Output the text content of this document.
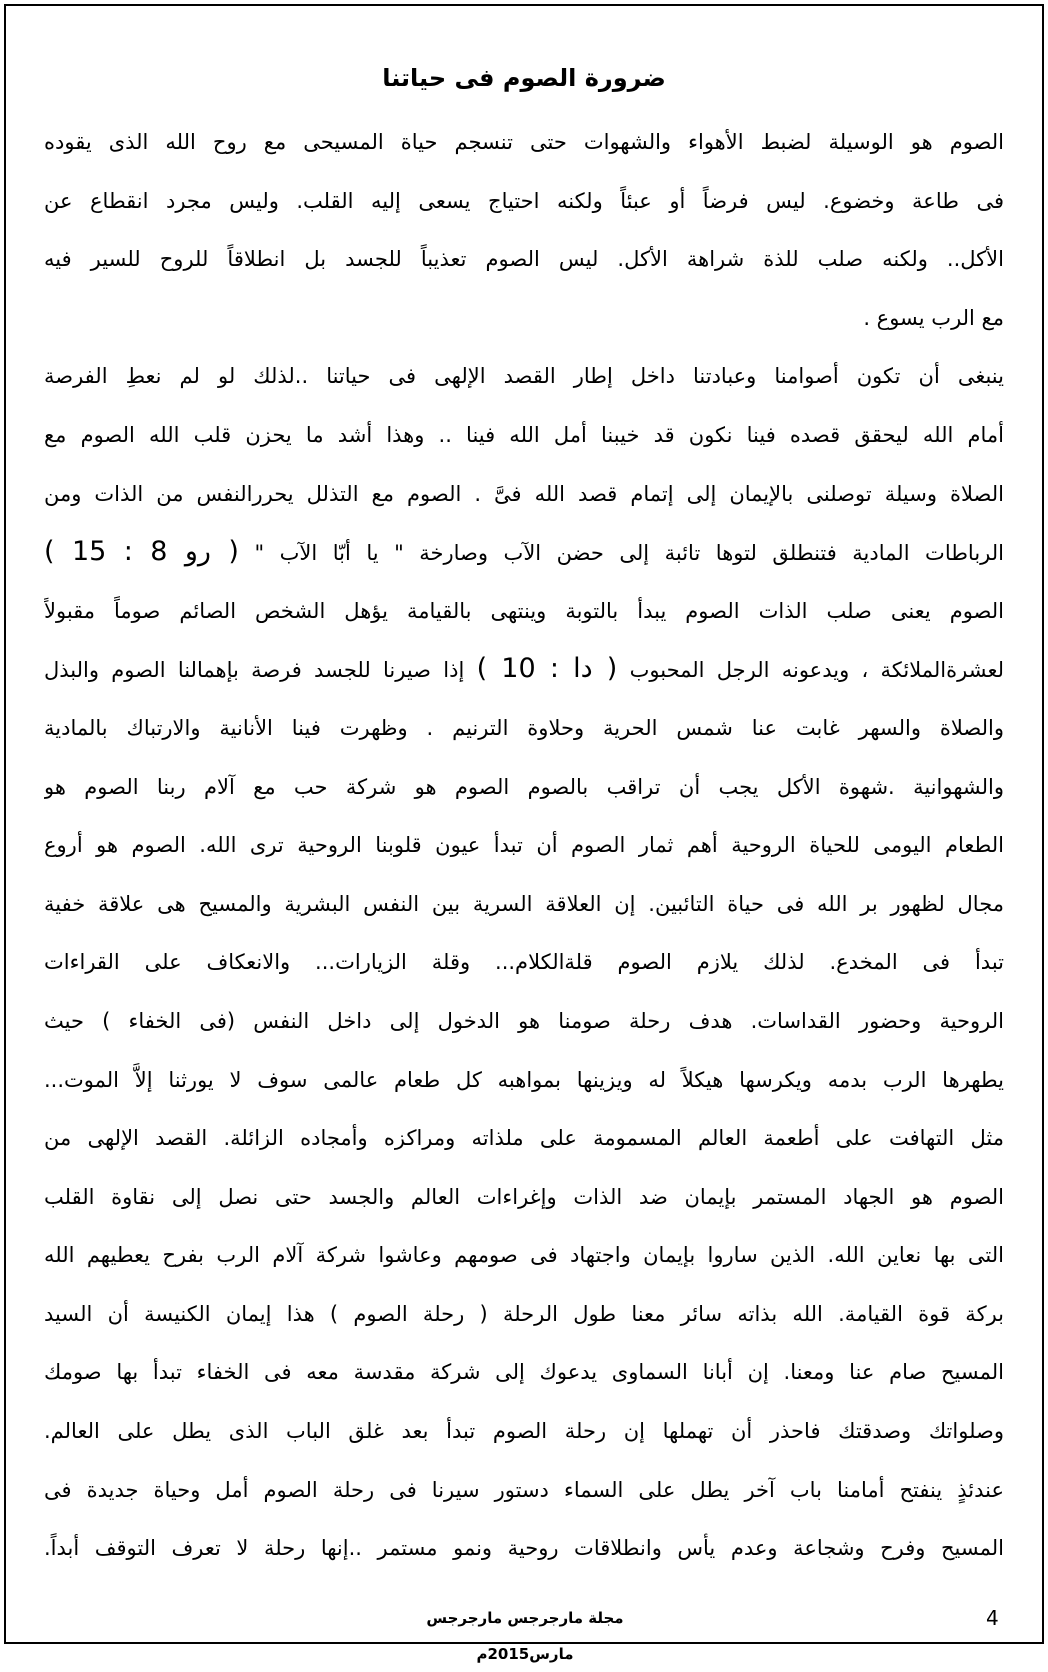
ضرورة الصوم فى حياتنا
الصوم هو الوسيلة لضبط الأهواء والشهوات حتى تنسجم حياة المسيحى مع روح الله الذى يقوده
فى طاعة وخضوع. ليس فرضاً أو عبئاً ولكنه احتياج يسعى إليه القلب. وليس مجرد انقطاع عن
الأكل.. ولكنه صلب للذة شراهة الأكل. ليس الصوم تعذيباً للجسد بل انطلاقاً للروح للسير فيه
مع الرب يسوع .
ينبغى أن تكون أصوامنا وعبادتنا داخل إطار القصد الإلهى فى حياتنا ..لذلك لو لم نعطِ الفرصة
أمام الله ليحقق قصده فينا نكون قد خيبنا أمل الله فينا .. وهذا أشد ما يحزن قلب الله الصوم مع
الصلاة وسيلة توصلنى بالإيمان إلى إتمام قصد الله فىَّ . الصوم مع التذلل يحررالنفس من الذات ومن
الرباطات المادية فتنطلق لتوها تائبة إلى حضن الآب وصارخة " يا أبّا الآب " ( رو 8 : 15 )
الصوم يعنى صلب الذات الصوم يبدأ بالتوبة وينتهى بالقيامة يؤهل الشخص الصائم صوماً مقبولاً
لعشرةالملائكة ، ويدعونه الرجل المحبوب ( دا : 10 ) إذا صيرنا للجسد فرصة بإهمالنا الصوم والبذل
والصلاة والسهر غابت عنا شمس الحرية وحلاوة الترنيم . وظهرت فينا الأنانية والارتباك بالمادية
والشهوانية .شهوة الأكل يجب أن تراقب بالصوم الصوم هو شركة حب مع آلام ربنا الصوم هو
الطعام اليومى للحياة الروحية أهم ثمار الصوم أن تبدأ عيون قلوبنا الروحية ترى الله. الصوم هو أروع
مجال لظهور بر الله فى حياة التائبين. إن العلاقة السرية بين النفس البشرية والمسيح هى علاقة خفية
تبدأ فى المخدع. لذلك يلازم الصوم قلةالكلام... وقلة الزيارات... والانعكاف على القراءات
الروحية وحضور القداسات. هدف رحلة صومنا هو الدخول إلى داخل النفس (فى الخفاء ) حيث
يطهرها الرب بدمه ويكرسها هيكلاً له ويزينها بمواهبه كل طعام عالمى سوف لا يورثنا إلاَّ الموت...
مثل التهافت على أطعمة العالم المسمومة على ملذاته ومراكزه وأمجاده الزائلة. القصد الإلهى من
الصوم هو الجهاد المستمر بإيمان ضد الذات وإغراءات العالم والجسد حتى نصل إلى نقاوة القلب
التى بها نعاين الله. الذين ساروا بإيمان واجتهاد فى صومهم وعاشوا شركة آلام الرب بفرح يعطيهم الله
بركة قوة القيامة. الله بذاته سائر معنا طول الرحلة ( رحلة الصوم ) هذا إيمان الكنيسة أن السيد
المسيح صام عنا ومعنا. إن أبانا السماوى يدعوك إلى شركة مقدسة معه فى الخفاء تبدأ بها صومك
وصلواتك وصدقتك فاحذر أن تهملها إن رحلة الصوم تبدأ بعد غلق الباب الذى يطل على العالم.
عندئذٍ ينفتح أمامنا باب آخر يطل على السماء دستور سيرنا فى رحلة الصوم أمل وحياة جديدة فى
المسيح وفرح وشجاعة وعدم يأس وانطلاقات روحية ونمو مستمر ..إنها رحلة لا تعرف التوقف أبداً.
مجلة مارجرجس مارجرجس مارس2015م
4
